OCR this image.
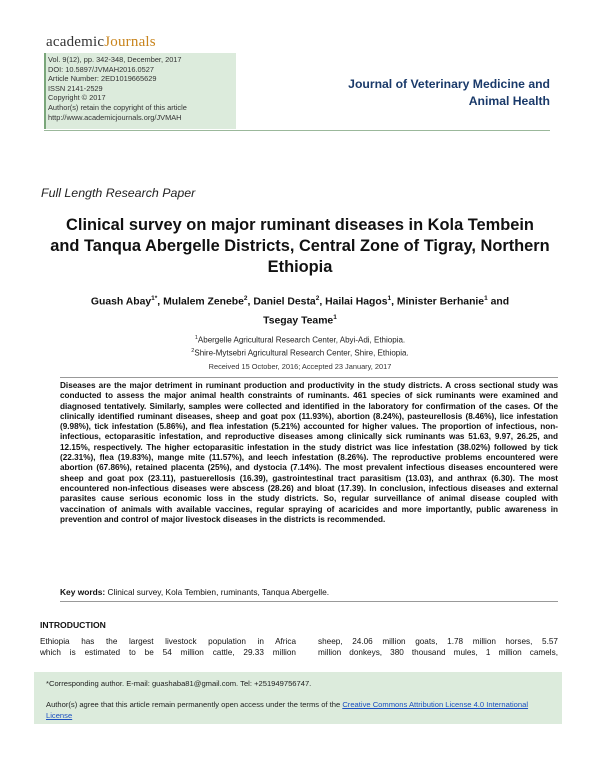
academicJournals
Vol. 9(12), pp. 342-348, December, 2017
DOI: 10.5897/JVMAH2016.0527
Article Number: 2ED1019665629
ISSN 2141-2529
Copyright © 2017
Author(s) retain the copyright of this article
http://www.academicjournals.org/JVMAH
Journal of Veterinary Medicine and
Animal Health
Full Length Research Paper
Clinical survey on major ruminant diseases in Kola Tembein and Tanqua Abergelle Districts, Central Zone of Tigray, Northern Ethiopia
Guash Abay$^{1*}$, Mulalem Zenebe$^2$, Daniel Desta$^2$, Hailai Hagos$^1$, Minister Berhanie$^1$ and
Tsegay Teame$^1$
$^1$Abergelle Agricultural Research Center, Abyi-Adi, Ethiopia.
$^2$Shire-Mytsebri Agricultural Research Center, Shire, Ethiopia.
Received 15 October, 2016; Accepted 23 January, 2017
Diseases are the major detriment in ruminant production and productivity in the study districts. A cross sectional study was conducted to assess the major animal health constraints of ruminants. 461 species of sick ruminants were examined and diagnosed tentatively. Similarly, samples were collected and identified in the laboratory for confirmation of the cases. Of the clinically identified ruminant diseases, sheep and goat pox (11.93%), abortion (8.24%), pasteurellosis (8.46%), lice infestation (9.98%), tick infestation (5.86%), and flea infestation (5.21%) accounted for higher values. The proportion of infectious, non-infectious, ectoparasitic infestation, and reproductive diseases among clinically sick ruminants was 51.63, 9.97, 26.25, and 12.15%, respectively. The higher ectoparasitic infestation in the study district was lice infestation (38.02%) followed by tick (22.31%), flea (19.83%), mange mite (11.57%), and leech infestation (8.26%). The reproductive problems encountered were abortion (67.86%), retained placenta (25%), and dystocia (7.14%). The most prevalent infectious diseases encountered were sheep and goat pox (23.11), pastuerellosis (16.39), gastrointestinal tract parasitism (13.03), and anthrax (6.30). The most encountered non-infectious diseases were abscess (28.26) and bloat (17.39). In conclusion, infectious diseases and external parasites cause serious economic loss in the study districts. So, regular surveillance of animal disease coupled with vaccination of animals with available vaccines, regular spraying of acaricides and more importantly, public awareness in prevention and control of major livestock diseases in the districts is recommended.
Key words: Clinical survey, Kola Tembien, ruminants, Tanqua Abergelle.
INTRODUCTION
Ethiopia has the largest livestock population in Africa
which is estimated to be 54 million cattle, 29.33 million
sheep, 24.06 million goats, 1.78 million horses, 5.57
million donkeys, 380 thousand mules, 1 million camels,
*Corresponding author. E-mail: guashaba81@gmail.com. Tel: +251949756747.
Author(s) agree that this article remain permanently open access under the terms of the Creative Commons Attribution License 4.0 International License
